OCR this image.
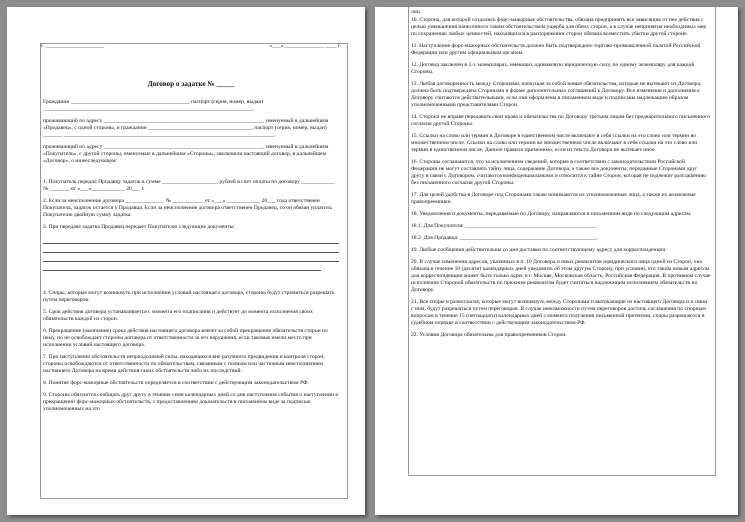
г. _____________________	«___» ______________ ____ г.
Договор о задатке № _____

Гражданин __________________________________________, паспорт (серия, номер, выдан) ___________________________________________________________________________,

проживающий по адресу _________________________________________________________, именуемый в дальнейшем «Продавец», с одной стороны, и гражданин _____________________________________, паспорт (серия, номер, выдан) _______ ___________________________________________________________________________,

проживающий по адресу _________________________________________________________, именуемый в дальнейшем «Покупатель», с другой стороны, именуемые в дальнейшем «Стороны», заключили настоящий договор, в дальнейшем «Договор», о нижеследующем:

1. Покупатель передал Продавцу задаток в сумме ____________________ рублей в счет оплаты по договору ____________ № _______ от «___»____________ 20___ г.

2. Если за неисполнение договора ______________ № ___________ от «___» ____________ 20___ года ответственен Покупатель, задаток остается у Продавца. Если за неисполнение договора ответственен Продавец, то он обязан уплатить Покупателю двойную сумму задатка.

3. При передаче задатка Продавец передает Покупателю следующие документы:

4. Споры, которые могут возникнуть при исполнении условий настоящего договора, стороны будут стремиться разрешать путем переговоров.

5. Срок действия договора устанавливается с момента его подписания и действует до момента исполнения своих обязательств каждой из сторон.

6. Прекращение (окончание) срока действия настоящего договора влечет за собой прекращение обязательств сторон по нему, но не освобождает стороны договора от ответственности за его нарушения, если таковые имели место при исполнении условий настоящего договора.

7. При наступлении обстоятельств непреодолимой силы, находящихся вне разумного предвидения и контроля сторон, стороны освобождаются от ответственности по обязательствам, связанным с полным или частичным неисполнением настоящего Договора на время действия таких обстоятельств либо их последствий.

8. Понятие форс-мажорные обстоятельств определяется в соответствии с действующим законодательством РФ.

9. Стороны обязуются сообщать друг другу в течение семи календарных дней со дня наступления события о наступлении и прекращении форс-мажорных обстоятельств, с предоставлением доказательств в письменном виде за подписью уполномоченных на это

лиц.

10. Сторона, для которой создались форс-мажорные обстоятельства, обязана предпринять все зависящие от нее действия с целью уменьшения нанесенного таким обстоятельством ущерба для обеих сторон, а в случае непринятия необходимых мер по сохранению любых ценностей, находящихся в распоряжении сторон обязана возместить убытки другой стороне.

11. Наступление форс-мажорных обстоятельств должно быть подтверждено торгово-промышленной палатой Российской Федерации или другим официальным органом.

12. Договор заключен в 2-х экземплярах, имеющих одинаковую юридическую силу, по одному экземпляру для каждой Стороны.

13. Любая договоренность между Сторонами, влекущая за собой новые обязательства, которые не вытекают из Договора, должна быть подтверждена Сторонами в форме дополнительных соглашений к Договору. Все изменения и дополнения к Договору считаются действительными, если они оформлены в письменном виде и подписаны надлежащим образом уполномоченными представителями Сторон.

14. Сторона не вправе передавать свои права и обязательства по Договору третьим лицам без предварительного письменного согласия другой Стороны.

15. Ссылки на слово или термин в Договоре в единственном числе включают в себя ссылки на это слово или термин во множественном числе. Ссылки на слово или термин во множественном числе включают в себя ссылки на это слово или термин в единственном числе. Данное правило применимо, если из текста Договора не вытекает иное.

16. Стороны соглашаются, что за исключением сведений, которые в соответствии с законодательством Российской Федерации не могут составлять тайну лица, содержание Договора, а также все документы, переданные Сторонами друг другу в связи с Договором, считаются конфиденциальными и относятся к тайне Сторон, которая не подлежит разглашению без письменного согласия другой Стороны.

17. Для целей удобства в Договоре под Сторонами также понимаются их уполномоченные лица, а также их возможные правопреемники.

18. Уведомления и документы, передаваемые по Договору, направляются в письменном виде по следующим адресам:

18.1. Для Покупателя: _______________________________________________.

18.2. Для Продавца: _________________________________________________.

19. Любые сообщения действительны со дня доставки по соответствующему адресу для корреспонденции.

20. В случае изменения адресов, указанных в п. 19 Договора и иных реквизитов юридического лица одной из Сторон, она обязана в течение 10 (десяти) календарных дней уведомить об этом другую Сторону, при условии, что таким новым адресом для корреспонденции может быть только адрес в г. Москве, Московская область, Российская Федерация. В противном случае исполнение Стороной обязательств по прежним реквизитам будет считаться надлежащим исполнением обязательств по Договору.

21. Все споры и разногласия, которые могут возникнуть между Сторонами и вытекающие из настоящего Договора и в связи с ним, будут разрешаться путем переговоров. В случае невозможности путем переговоров достичь соглашения по спорным вопросам в течение 15 (пятнадцати) календарных дней с момента получения письменной претензии, споры разрешаются в судебном порядке в соответствии с действующим законодательством РФ.

22. Условия Договора обязательны для правопреемников Сторон.
